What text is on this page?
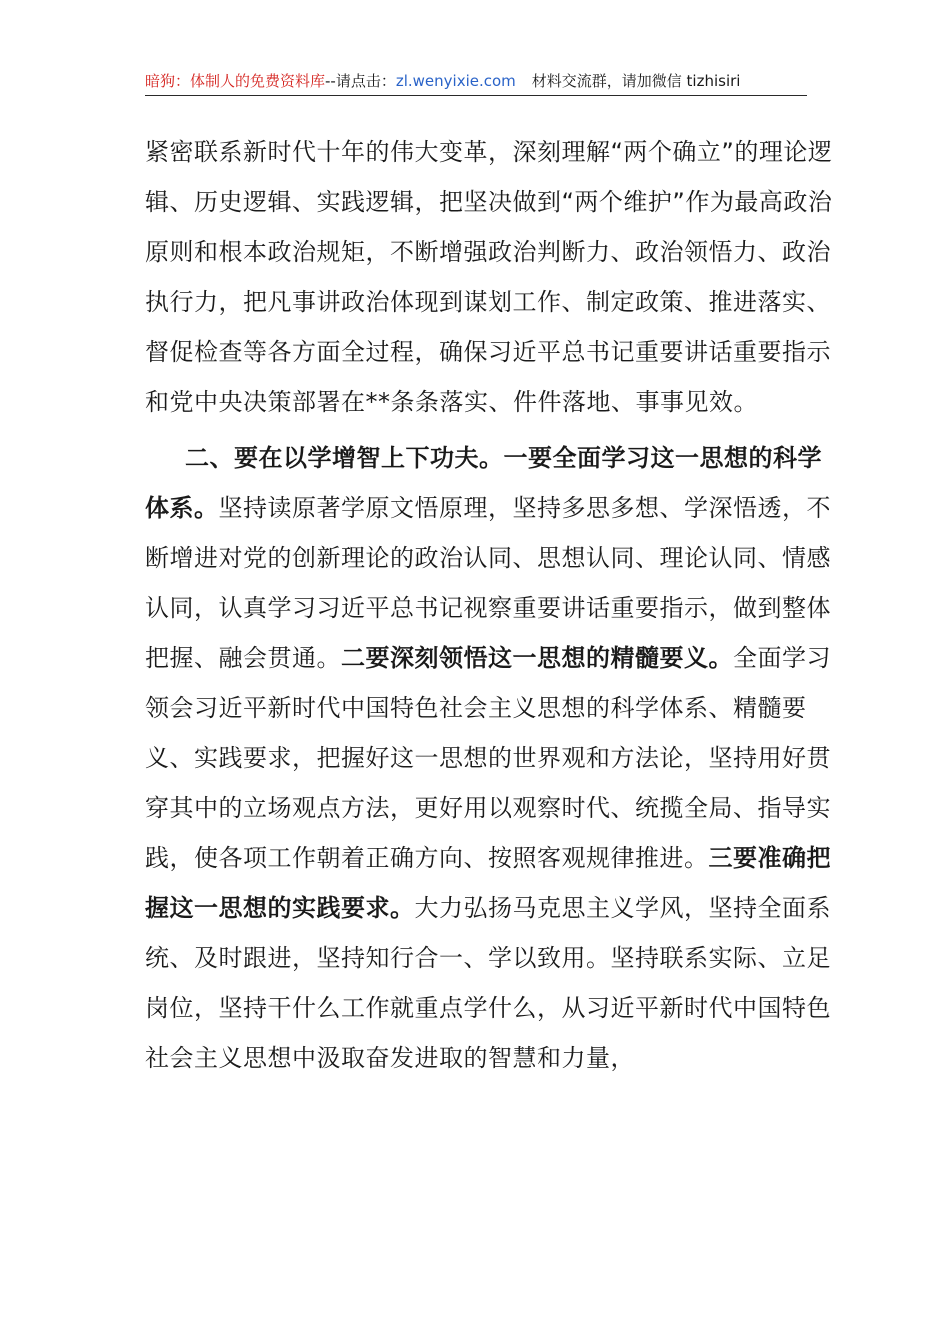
暗狗：体制人的免费资料库--请点击：zl.wenyixie.com 材料交流群，请加微信 tizhisiri

紧密联系新时代十年的伟大变革，深刻理解“两个确立”的理论逻辑、历史逻辑、实践逻辑，把坚决做到“两个维护”作为最高政治原则和根本政治规矩，不断增强政治判断力、政治领悟力、政治执行力，把凡事讲政治体现到谋划工作、制定政策、推进落实、督促检查等各方面全过程，确保习近平总书记重要讲话重要指示和党中央决策部署在**条条落实、件件落地、事事见效。

二、要在以学增智上下功夫。一要全面学习这一思想的科学体系。坚持读原著学原文悟原理，坚持多思多想、学深悟透，不断增进对党的创新理论的政治认同、思想认同、理论认同、情感认同，认真学习习近平总书记视察重要讲话重要指示，做到整体把握、融会贯通。二要深刻领悟这一思想的精髓要义。全面学习领会习近平新时代中国特色社会主义思想的科学体系、精髓要义、实践要求，把握好这一思想的世界观和方法论，坚持用好贯穿其中的立场观点方法，更好用以观察时代、统揽全局、指导实践，使各项工作朝着正确方向、按照客观规律推进。三要准确把握这一思想的实践要求。大力弘扬马克思主义学风，坚持全面系统、及时跟进，坚持知行合一、学以致用。坚持联系实际、立足岗位，坚持干什么工作就重点学什么，从习近平新时代中国特色社会主义思想中汲取奋发进取的智慧和力量，
